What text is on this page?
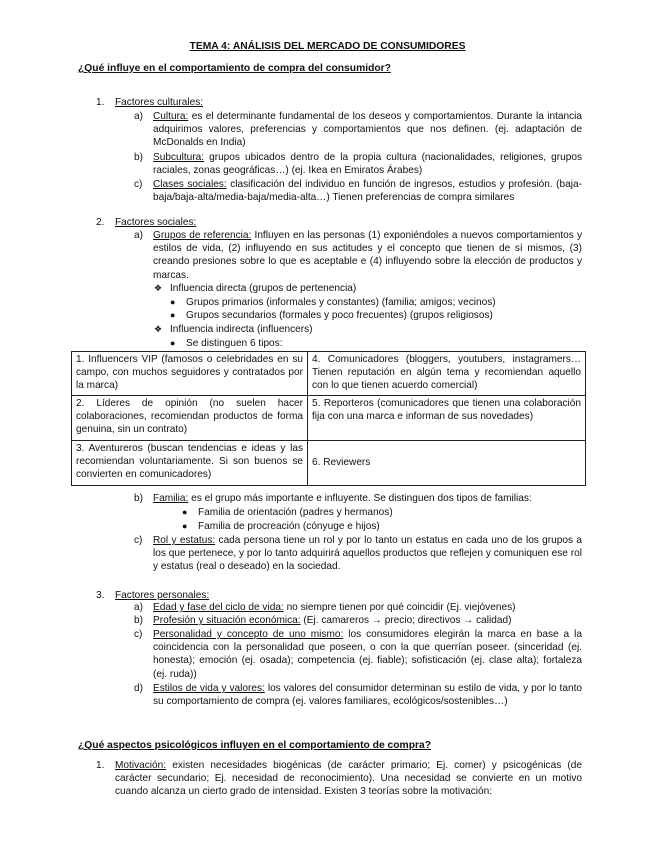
TEMA 4: ANÁLISIS DEL MERCADO DE CONSUMIDORES
¿Qué influye en el comportamiento de compra del consumidor?
1. Factores culturales:
a) Cultura: es el determinante fundamental de los deseos y comportamientos. Durante la intancia adquirimos valores, preferencias y comportamientos que nos definen. (ej. adaptación de McDonalds en India)
b) Subcultura: grupos ubicados dentro de la propia cultura (nacionalidades, religiones, grupos raciales, zonas geográficas…) (ej. Ikea en Emiratos Árabes)
c) Clases sociales: clasificación del individuo en función de ingresos, estudios y profesión. (baja-baja/baja-alta/media-baja/media-alta…) Tienen preferencias de compra similares
2. Factores sociales:
a) Grupos de referencia: Influyen en las personas (1) exponiéndoles a nuevos comportamientos y estilos de vida, (2) influyendo en sus actitudes y el concepto que tienen de sí mismos, (3) creando presiones sobre lo que es aceptable e (4) influyendo sobre la elección de productos y marcas.
❖ Influencia directa (grupos de pertenencia)
● Grupos primarios (informales y constantes) (familia; amigos; vecinos)
● Grupos secundarios (formales y poco frecuentes) (grupos religiosos)
❖ Influencia indirecta (influencers)
● Se distinguen 6 tipos:
1. Influencers VIP (famosos o celebridades en su campo, con muchos seguidores y contratados por la marca)	4. Comunicadores (bloggers, youtubers, instagramers… Tienen reputación en algún tema y recomiendan aquello con lo que tienen acuerdo comercial)
2. Líderes de opinión (no suelen hacer colaboraciones, recomiendan productos de forma genuina, sin un contrato)	5. Reporteros (comunicadores que tienen una colaboración fija con una marca e informan de sus novedades)
3. Aventureros (buscan tendencias e ideas y las recomiendan voluntariamente. Si son buenos se convierten en comunicadores)	6. Reviewers
b) Familia: es el grupo más importante e influyente. Se distinguen dos tipos de familias:
● Familia de orientación (padres y hermanos)
● Familia de procreación (cónyuge e hijos)
c) Rol y estatus: cada persona tiene un rol y por lo tanto un estatus en cada uno de los grupos a los que pertenece, y por lo tanto adquirirá aquellos productos que reflejen y comuniquen ese rol y estatus (real o deseado) en la sociedad.
3. Factores personales:
a) Edad y fase del ciclo de vida: no siempre tienen por qué coincidir (Ej. viejóvenes)
b) Profesión y situación económica: (Ej. camareros → precio; directivos → calidad)
c) Personalidad y concepto de uno mismo: los consumidores elegirán la marca en base a la coincidencia con la personalidad que poseen, o con la que querrían poseer. (sinceridad (ej. honesta); emoción (ej. osada); competencia (ej. fiable); sofisticación (ej. clase alta); fortaleza (ej. ruda))
d) Estilos de vida y valores: los valores del consumidor determinan su estilo de vida, y por lo tanto su comportamiento de compra (ej. valores familiares, ecológicos/sostenibles…)
¿Qué aspectos psicológicos influyen en el comportamiento de compra?
1. Motivación: existen necesidades biogénicas (de carácter primario; Ej. comer) y psicogénicas (de carácter secundario; Ej. necesidad de reconocimiento). Una necesidad se convierte en un motivo cuando alcanza un cierto grado de intensidad. Existen 3 teorías sobre la motivación:
